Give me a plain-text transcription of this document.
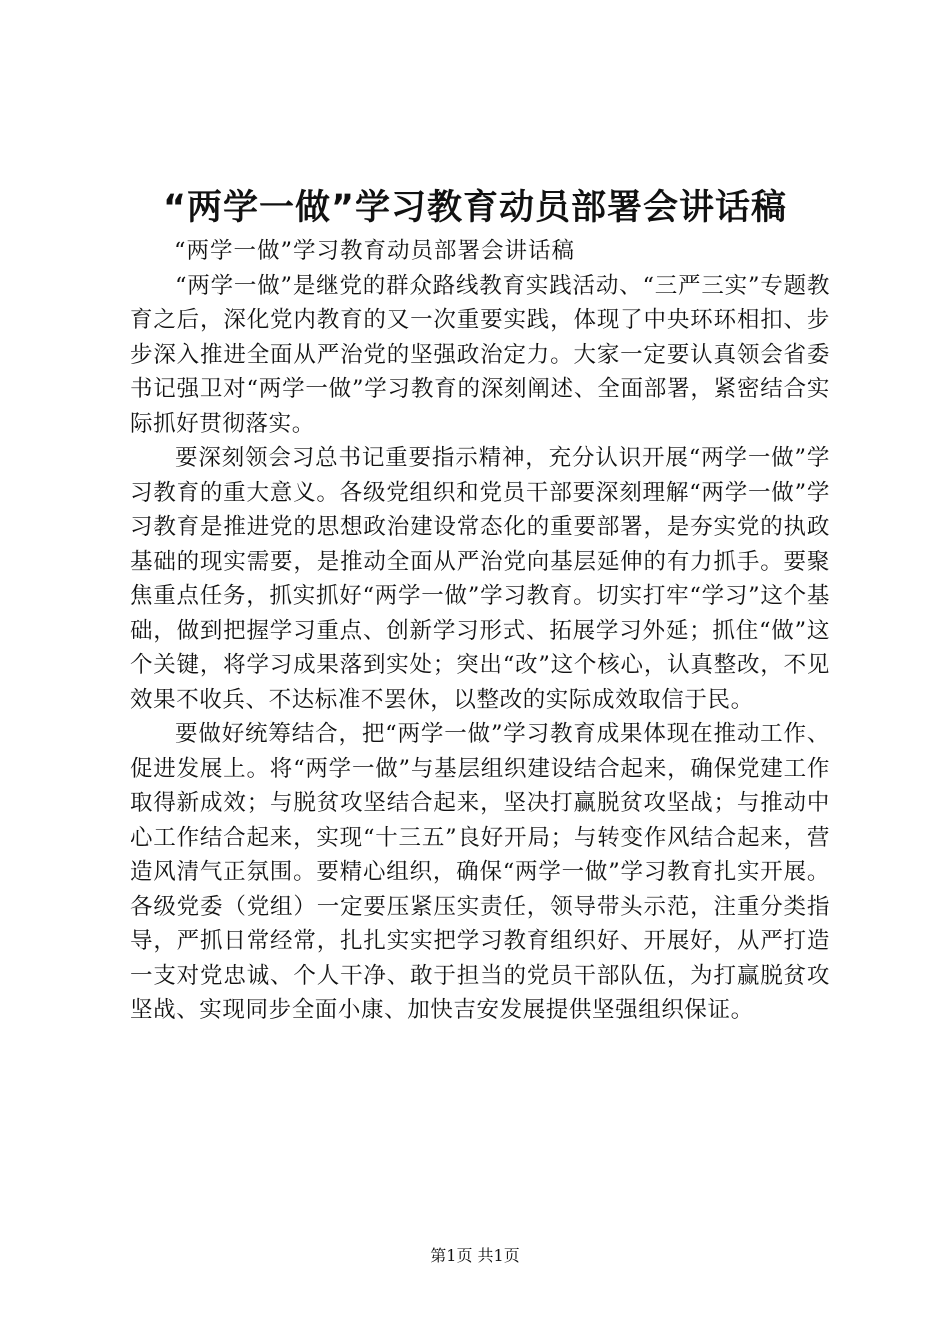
“两学一做”学习教育动员部署会讲话稿

“两学一做”学习教育动员部署会讲话稿

“两学一做”是继党的群众路线教育实践活动、“三严三实”专题教育之后，深化党内教育的又一次重要实践，体现了中央环环相扣、步步深入推进全面从严治党的坚强政治定力。大家一定要认真领会省委书记强卫对“两学一做”学习教育的深刻阐述、全面部署，紧密结合实际抓好贯彻落实。

要深刻领会习总书记重要指示精神，充分认识开展“两学一做”学习教育的重大意义。各级党组织和党员干部要深刻理解“两学一做”学习教育是推进党的思想政治建设常态化的重要部署，是夯实党的执政基础的现实需要，是推动全面从严治党向基层延伸的有力抓手。要聚焦重点任务，抓实抓好“两学一做”学习教育。切实打牢“学习”这个基础，做到把握学习重点、创新学习形式、拓展学习外延；抓住“做”这个关键，将学习成果落到实处；突出“改”这个核心，认真整改，不见效果不收兵、不达标准不罢休，以整改的实际成效取信于民。

要做好统筹结合，把“两学一做”学习教育成果体现在推动工作、促进发展上。将“两学一做”与基层组织建设结合起来，确保党建工作取得新成效；与脱贫攻坚结合起来，坚决打赢脱贫攻坚战；与推动中心工作结合起来，实现“十三五”良好开局；与转变作风结合起来，营造风清气正氛围。要精心组织，确保“两学一做”学习教育扎实开展。各级党委（党组）一定要压紧压实责任，领导带头示范，注重分类指导，严抓日常经常，扎扎实实把学习教育组织好、开展好，从严打造一支对党忠诚、个人干净、敢于担当的党员干部队伍，为打赢脱贫攻坚战、实现同步全面小康、加快吉安发展提供坚强组织保证。

第1页 共1页
